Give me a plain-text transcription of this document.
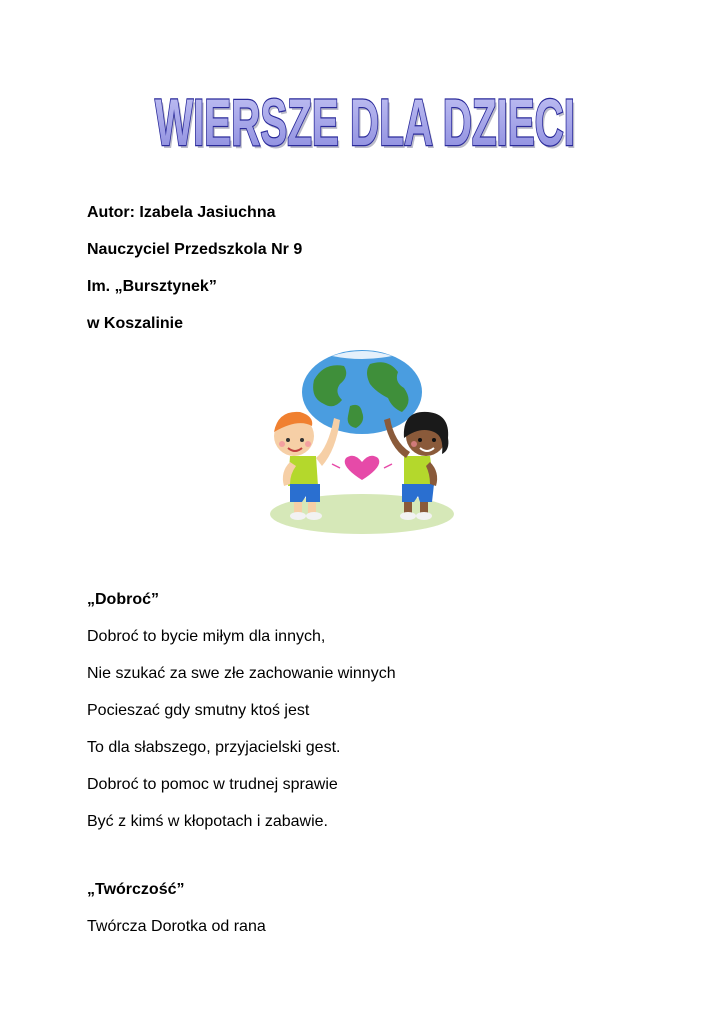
WIERSZE DLA DZIECI
WIERSZE DLA DZIECI
Autor: Izabela Jasiuchna
Nauczyciel Przedszkola Nr 9
Im. „Bursztynek”
w Koszalinie
„Dobroć”
Dobroć to bycie miłym dla innych,
Nie szukać za swe złe zachowanie winnych
Pocieszać gdy smutny ktoś jest
To dla słabszego, przyjacielski gest.
Dobroć to pomoc w trudnej sprawie
Być z kimś w kłopotach i zabawie.
„Twórczość”
Twórcza Dorotka od rana
